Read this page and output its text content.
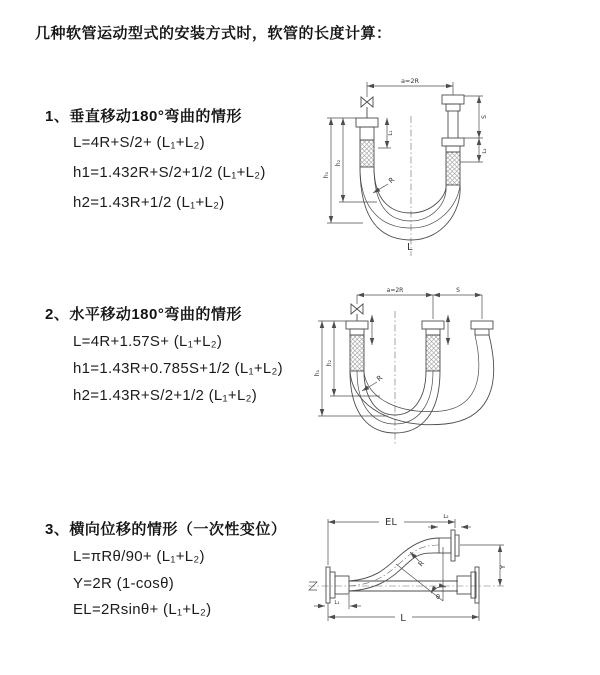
几种软管运动型式的安装方式时，软管的长度计算：
1、垂直移动180°弯曲的情形
L=4R+S/2+ (L₁+L₂)
h1=1.432R+S/2+1/2 (L₁+L₂)
h2=1.43R+1/2 (L₁+L₂)
a=2R
h₁
h₂
L₁
S
L₂
R
L
2、水平移动180°弯曲的情形
L=4R+1.57S+ (L₁+L₂)
h1=1.43R+0.785S+1/2 (L₁+L₂)
h2=1.43R+S/2+1/2 (L₁+L₂)
a=2R	S
h₁
h₂
R
3、横向位移的情形（一次性变位）
L=πRθ/90+ (L₁+L₂)
Y=2R (1-cosθ)
EL=2Rsinθ+ (L₁+L₂)
EL	L₂
Y
L₁
L
R
θ
